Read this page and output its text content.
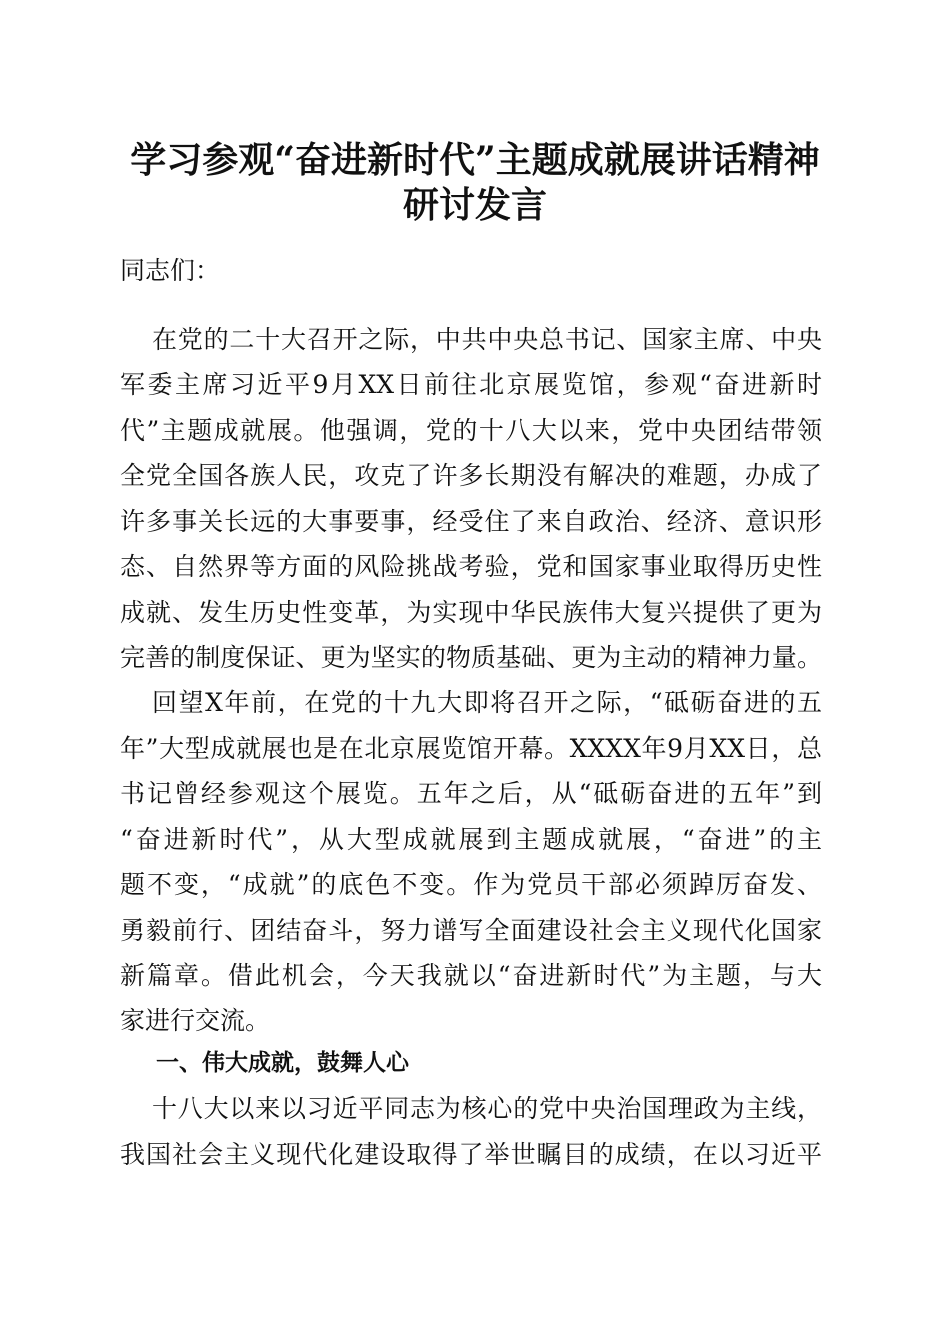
学习参观“奋进新时代”主题成就展讲话精神
研讨发言
同志们：
在党的二十大召开之际，中共中央总书记、国家主席、中央
军委主席习近平9月XX日前往北京展览馆，参观“奋进新时
代”主题成就展。他强调，党的十八大以来，党中央团结带领
全党全国各族人民，攻克了许多长期没有解决的难题，办成了
许多事关长远的大事要事，经受住了来自政治、经济、意识形
态、自然界等方面的风险挑战考验，党和国家事业取得历史性
成就、发生历史性变革，为实现中华民族伟大复兴提供了更为
完善的制度保证、更为坚实的物质基础、更为主动的精神力量。
回望X年前，在党的十九大即将召开之际，“砥砺奋进的五
年”大型成就展也是在北京展览馆开幕。XXXX年9月XX日，总
书记曾经参观这个展览。五年之后，从“砥砺奋进的五年”到
“奋进新时代”，从大型成就展到主题成就展，“奋进”的主
题不变，“成就”的底色不变。作为党员干部必须踔厉奋发、
勇毅前行、团结奋斗，努力谱写全面建设社会主义现代化国家
新篇章。借此机会，今天我就以“奋进新时代”为主题，与大
家进行交流。
一、伟大成就，鼓舞人心
十八大以来以习近平同志为核心的党中央治国理政为主线，
我国社会主义现代化建设取得了举世瞩目的成绩，在以习近平
